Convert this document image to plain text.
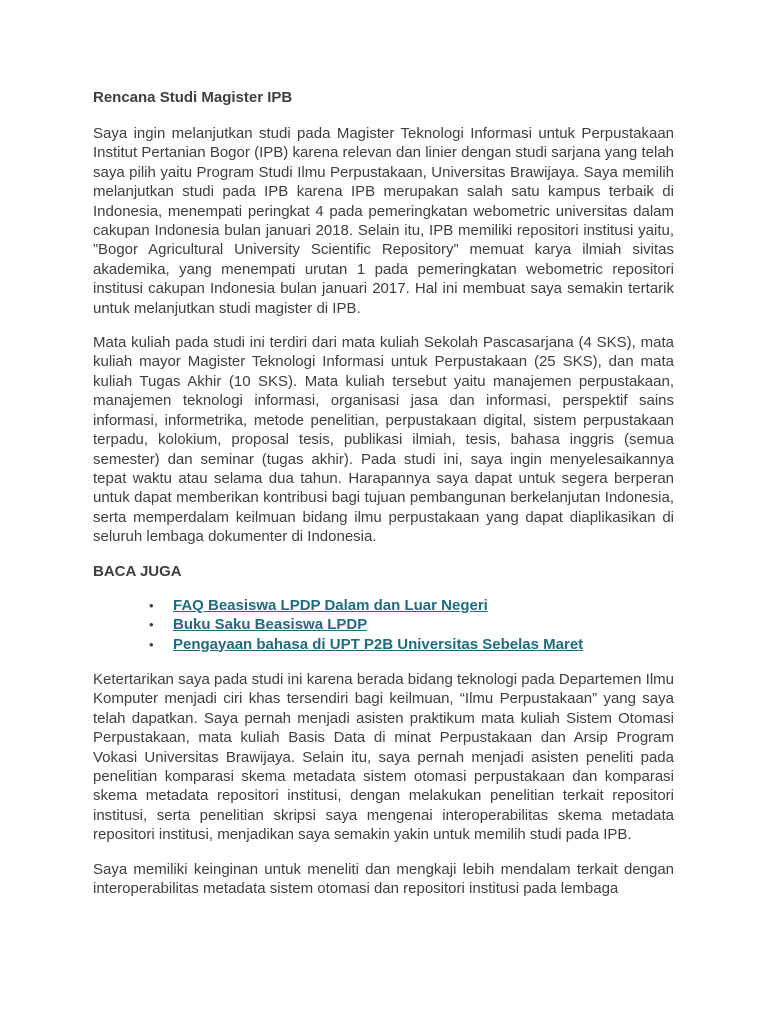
Rencana Studi Magister IPB

Saya ingin melanjutkan studi pada Magister Teknologi Informasi untuk Perpustakaan Institut Pertanian Bogor (IPB) karena relevan dan linier dengan studi sarjana yang telah saya pilih yaitu Program Studi Ilmu Perpustakaan, Universitas Brawijaya. Saya memilih melanjutkan studi pada IPB karena IPB merupakan salah satu kampus terbaik di Indonesia, menempati peringkat 4 pada pemeringkatan webometric universitas dalam cakupan Indonesia bulan januari 2018. Selain itu, IPB memiliki repositori institusi yaitu, ”Bogor Agricultural University Scientific Repository” memuat karya ilmiah sivitas akademika, yang menempati urutan 1 pada pemeringkatan webometric repositori institusi cakupan Indonesia bulan januari 2017. Hal ini membuat saya semakin tertarik untuk melanjutkan studi magister di IPB.

Mata kuliah pada studi ini terdiri dari mata kuliah Sekolah Pascasarjana (4 SKS), mata kuliah mayor Magister Teknologi Informasi untuk Perpustakaan (25 SKS), dan mata kuliah Tugas Akhir (10 SKS). Mata kuliah tersebut yaitu manajemen perpustakaan, manajemen teknologi informasi, organisasi jasa dan informasi, perspektif sains informasi, informetrika, metode penelitian, perpustakaan digital, sistem perpustakaan terpadu, kolokium, proposal tesis, publikasi ilmiah, tesis, bahasa inggris (semua semester) dan seminar (tugas akhir). Pada studi ini, saya ingin menyelesaikannya tepat waktu atau selama dua tahun. Harapannya saya dapat untuk segera berperan untuk dapat memberikan kontribusi bagi tujuan pembangunan berkelanjutan Indonesia, serta memperdalam keilmuan bidang ilmu perpustakaan yang dapat diaplikasikan di seluruh lembaga dokumenter di Indonesia.

BACA JUGA
• FAQ Beasiswa LPDP Dalam dan Luar Negeri
• Buku Saku Beasiswa LPDP
• Pengayaan bahasa di UPT P2B Universitas Sebelas Maret

Ketertarikan saya pada studi ini karena berada bidang teknologi pada Departemen Ilmu Komputer menjadi ciri khas tersendiri bagi keilmuan, “Ilmu Perpustakaan” yang saya telah dapatkan. Saya pernah menjadi asisten praktikum mata kuliah Sistem Otomasi Perpustakaan, mata kuliah Basis Data di minat Perpustakaan dan Arsip Program Vokasi Universitas Brawijaya. Selain itu, saya pernah menjadi asisten peneliti pada penelitian komparasi skema metadata sistem otomasi perpustakaan dan komparasi skema metadata repositori institusi, dengan melakukan penelitian terkait repositori institusi, serta penelitian skripsi saya mengenai interoperabilitas skema metadata repositori institusi, menjadikan saya semakin yakin untuk memilih studi pada IPB.

Saya memiliki keinginan untuk meneliti dan mengkaji lebih mendalam terkait dengan interoperabilitas metadata sistem otomasi dan repositori institusi pada lembaga
